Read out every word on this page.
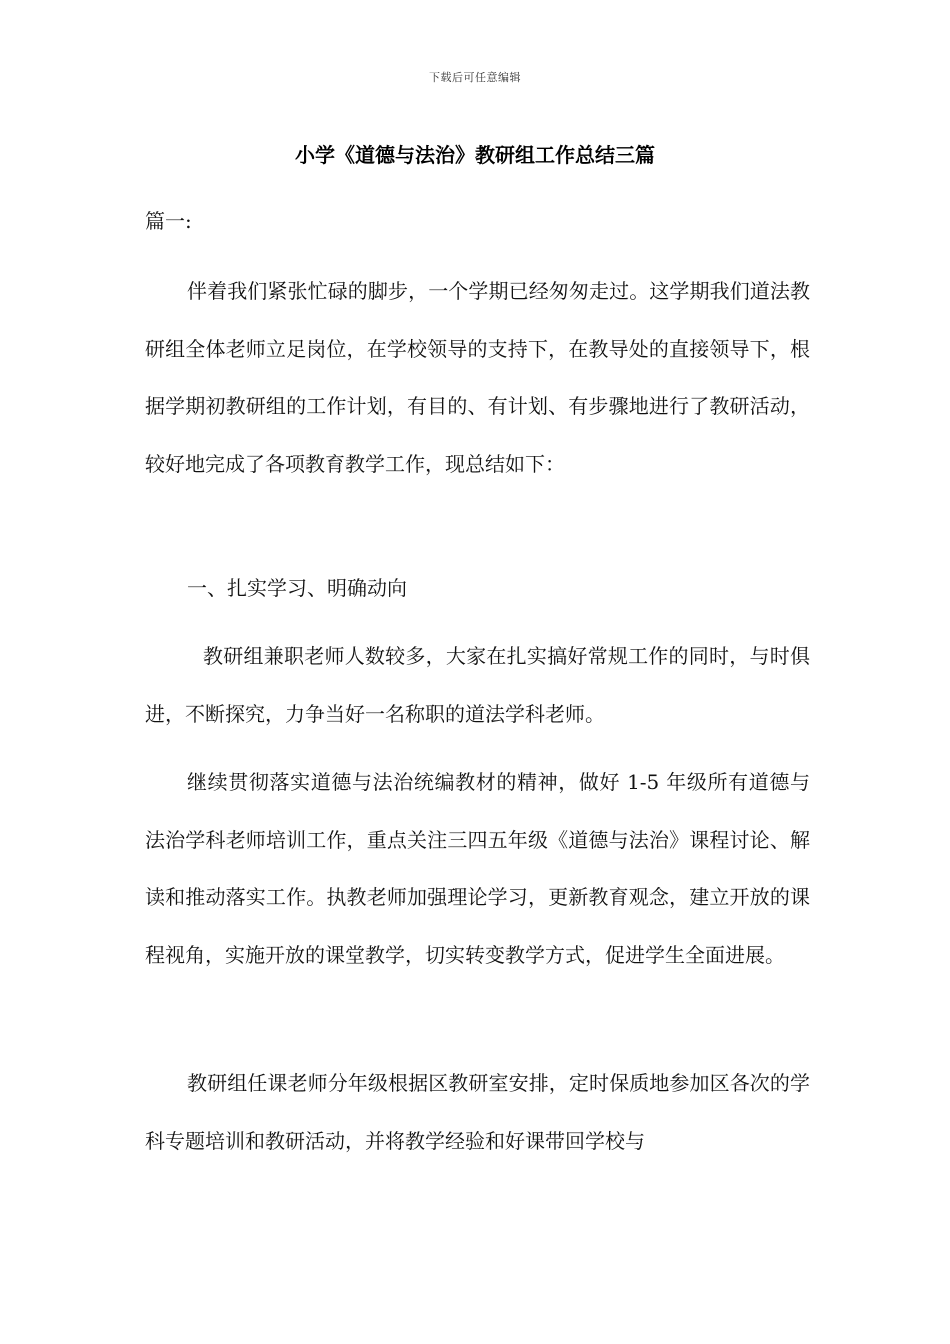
下载后可任意编辑
小学《道德与法治》教研组工作总结三篇
篇一:

伴着我们紧张忙碌的脚步，一个学期已经匆匆走过。这学期我们道法教研组全体老师立足岗位，在学校领导的支持下，在教导处的直接领导下，根据学期初教研组的工作计划，有目的、有计划、有步骤地进行了教研活动，较好地完成了各项教育教学工作，现总结如下：

一、扎实学习、明确动向

教研组兼职老师人数较多，大家在扎实搞好常规工作的同时，与时俱进，不断探究，力争当好一名称职的道法学科老师。

继续贯彻落实道德与法治统编教材的精神，做好 1-5 年级所有道德与法治学科老师培训工作，重点关注三四五年级《道德与法治》课程讨论、解读和推动落实工作。执教老师加强理论学习，更新教育观念，建立开放的课程视角，实施开放的课堂教学，切实转变教学方式，促进学生全面进展。

教研组任课老师分年级根据区教研室安排，定时保质地参加区各次的学科专题培训和教研活动，并将教学经验和好课带回学校与
